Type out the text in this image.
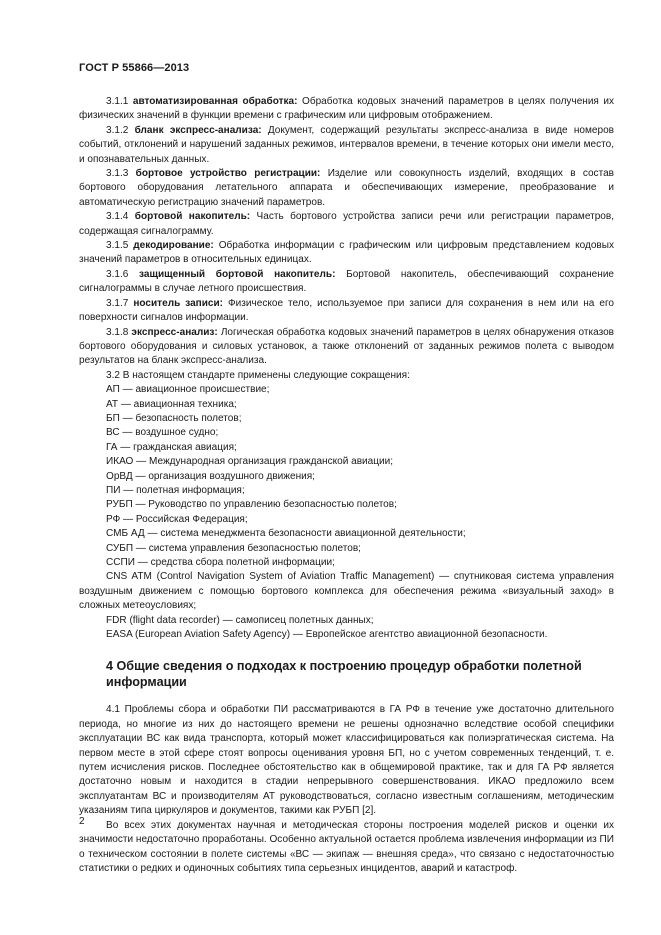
ГОСТ Р 55866—2013

3.1.1 автоматизированная обработка: Обработка кодовых значений параметров в целях получения их физических значений в функции времени с графическим или цифровым отображением.

3.1.2 бланк экспресс-анализа: Документ, содержащий результаты экспресс-анализа в виде номеров событий, отклонений и нарушений заданных режимов, интервалов времени, в течение которых они имели место, и опознавательных данных.

3.1.3 бортовое устройство регистрации: Изделие или совокупность изделий, входящих в состав бортового оборудования летательного аппарата и обеспечивающих измерение, преобразование и автоматическую регистрацию значений параметров.

3.1.4 бортовой накопитель: Часть бортового устройства записи речи или регистрации параметров, содержащая сигналограмму.

3.1.5 декодирование: Обработка информации с графическим или цифровым представлением кодовых значений параметров в относительных единицах.

3.1.6 защищенный бортовой накопитель: Бортовой накопитель, обеспечивающий сохранение сигналограммы в случае летного происшествия.

3.1.7 носитель записи: Физическое тело, используемое при записи для сохранения в нем или на его поверхности сигналов информации.

3.1.8 экспресс-анализ: Логическая обработка кодовых значений параметров в целях обнаружения отказов бортового оборудования и силовых установок, а также отклонений от заданных режимов полета с выводом результатов на бланк экспресс-анализа.

3.2 В настоящем стандарте применены следующие сокращения:

АП — авиационное происшествие;

АТ — авиационная техника;

БП — безопасность полетов;

ВС — воздушное судно;

ГА — гражданская авиация;

ИКАО — Международная организация гражданской авиации;

ОрВД — организация воздушного движения;

ПИ — полетная информация;

РУБП — Руководство по управлению безопасностью полетов;

РФ — Российская Федерация;

СМБ АД — система менеджмента безопасности авиационной деятельности;

СУБП — система управления безопасностью полетов;

ССПИ — средства сбора полетной информации;

CNS ATM (Control Navigation System of Aviation Traffic Management) — спутниковая система управления воздушным движением с помощью бортового комплекса для обеспечения режима «визуальный заход» в сложных метеоусловиях;

FDR (flight data recorder) — самописец полетных данных;

EASA (European Aviation Safety Agency) — Европейское агентство авиационной безопасности.

4 Общие сведения о подходах к построению процедур обработки полетной информации

4.1 Проблемы сбора и обработки ПИ рассматриваются в ГА РФ в течение уже достаточно длительного периода, но многие из них до настоящего времени не решены однозначно вследствие особой специфики эксплуатации ВС как вида транспорта, который может классифицироваться как полиэргатическая система. На первом месте в этой сфере стоят вопросы оценивания уровня БП, но с учетом современных тенденций, т. е. путем исчисления рисков. Последнее обстоятельство как в общемировой практике, так и для ГА РФ является достаточно новым и находится в стадии непрерывного совершенствования. ИКАО предложило всем эксплуатантам ВС и производителям АТ руководствоваться, согласно известным соглашениям, методическим указаниям типа циркуляров и документов, такими как РУБП [2].

Во всех этих документах научная и методическая стороны построения моделей рисков и оценки их значимости недостаточно проработаны. Особенно актуальной остается проблема извлечения информации из ПИ о техническом состоянии в полете системы «ВС — экипаж — внешняя среда», что связано с недостаточностью статистики о редких и одиночных событиях типа серьезных инцидентов, аварий и катастроф.

2
